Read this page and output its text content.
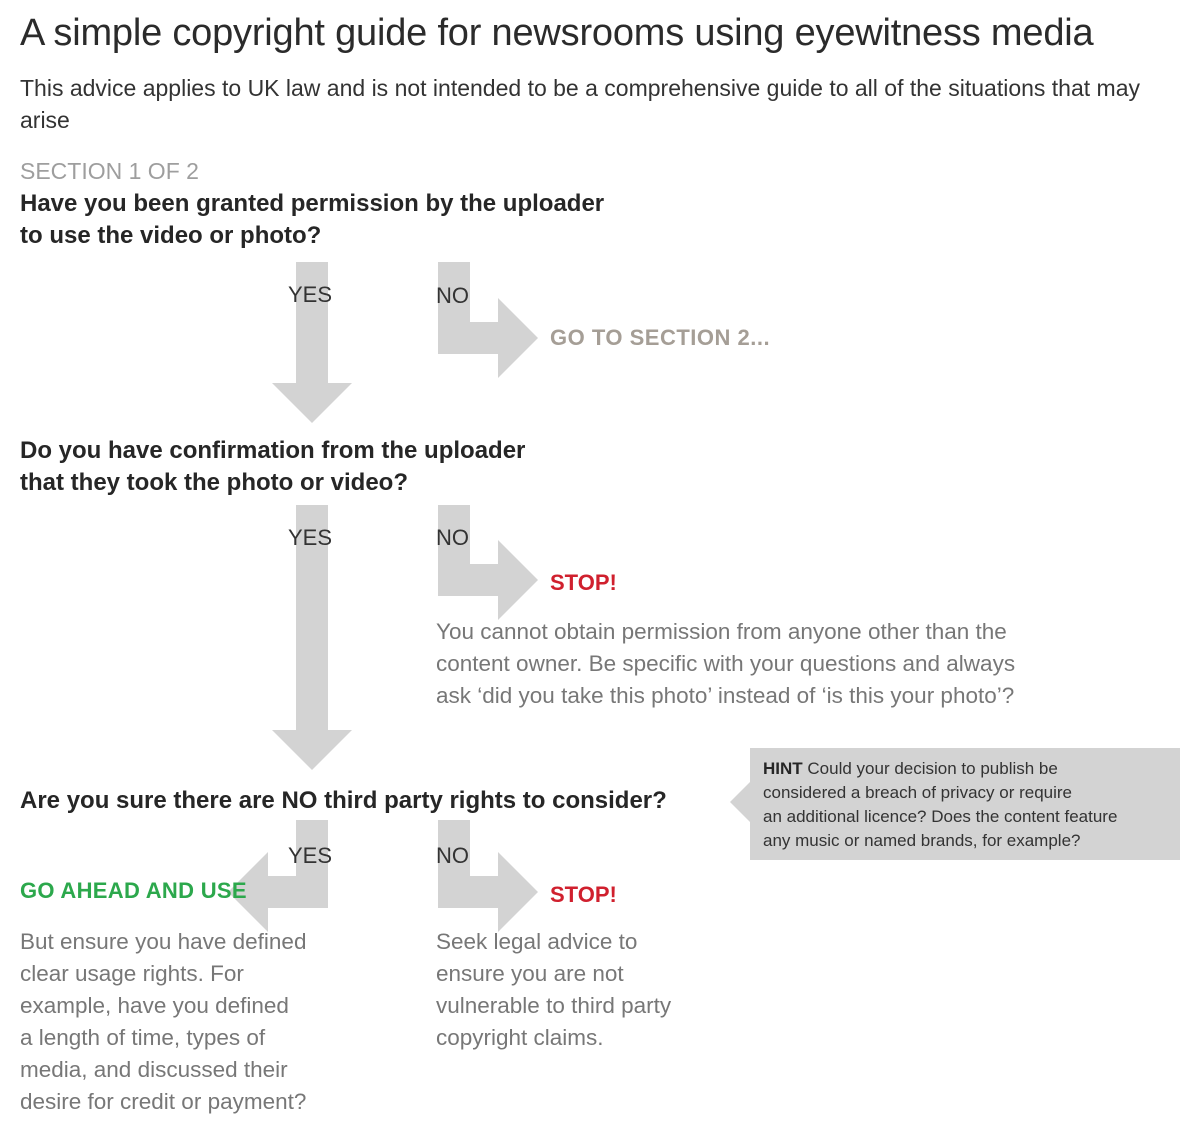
A simple copyright guide for newsrooms using eyewitness media
This advice applies to UK law and is not intended to be a comprehensive guide to all of the situations that may arise
SECTION 1 OF 2
Have you been granted permission by the uploader
to use the video or photo?
YES	NO
GO TO SECTION 2...
Do you have confirmation from the uploader
that they took the photo or video?
YES	NO
STOP!
You cannot obtain permission from anyone other than the
content owner. Be specific with your questions and always
ask ‘did you take this photo’ instead of ‘is this your photo’?
Are you sure there are NO third party rights to consider?
YES	NO
GO AHEAD AND USE	STOP!
But ensure you have defined
clear usage rights. For
example, have you defined
a length of time, types of
media, and discussed their
desire for credit or payment?
Seek legal advice to
ensure you are not
vulnerable to third party
copyright claims.
HINT Could your decision to publish be
considered a breach of privacy or require
an additional licence? Does the content feature
any music or named brands, for example?
